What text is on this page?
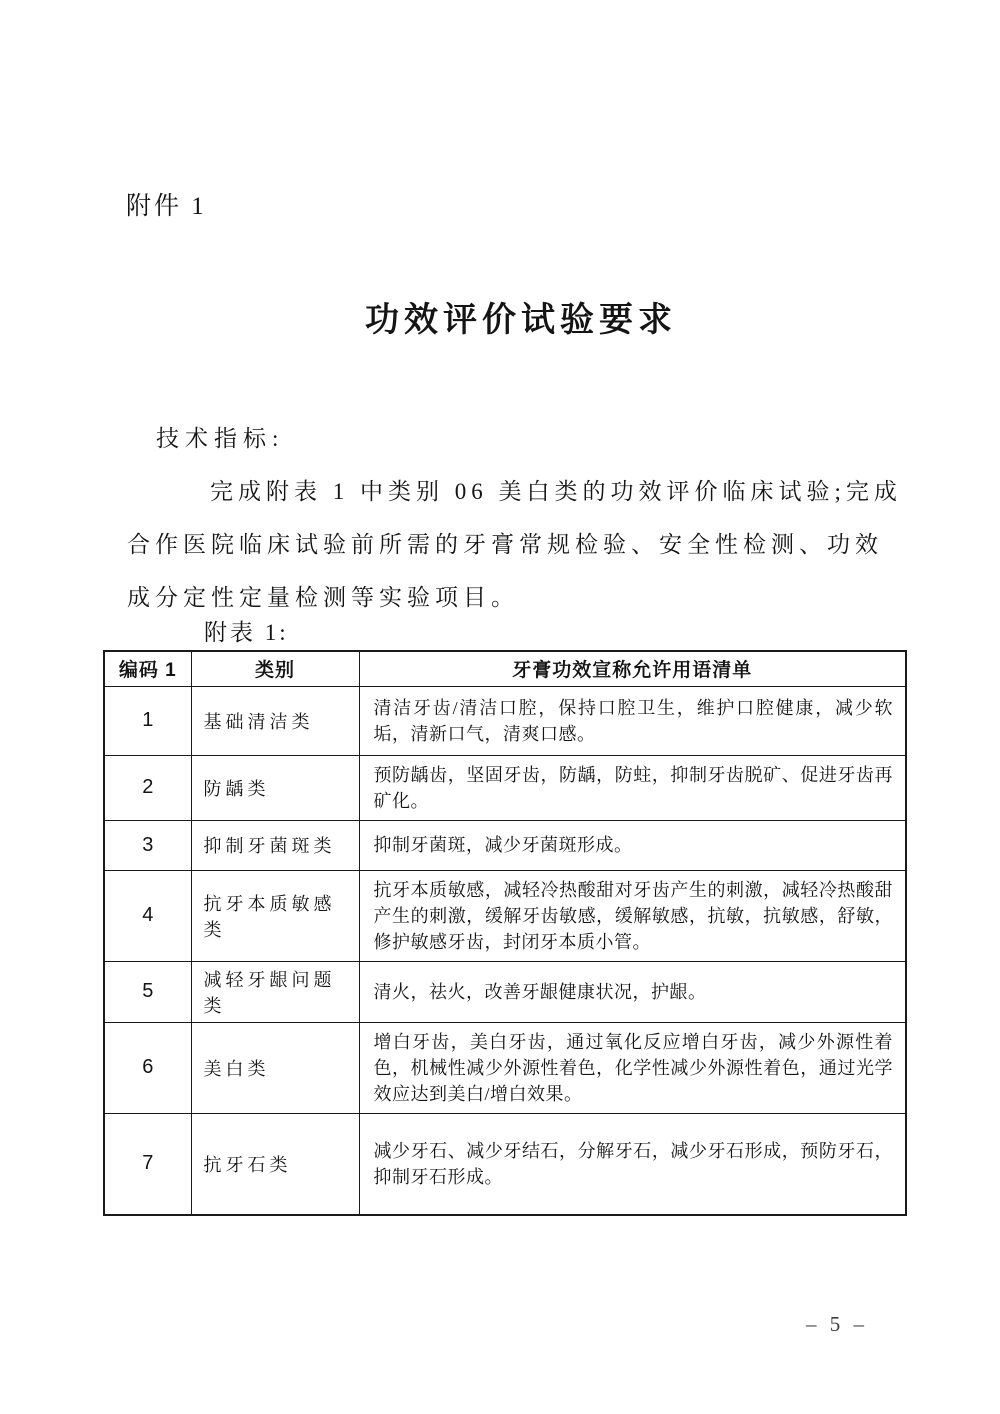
附件 1
功效评价试验要求
技术指标:
完成附表 1 中类别 06 美白类的功效评价临床试验;完成
合作医院临床试验前所需的牙膏常规检验、安全性检测、功效
成分定性定量检测等实验项目。
附表 1:
编码 1	类别	牙膏功效宣称允许用语清单
1	基础清洁类	清洁牙齿/清洁口腔，保持口腔卫生，维护口腔健康，减少软垢，清新口气，清爽口感。
2	防龋类	预防龋齿，坚固牙齿，防龋，防蛀，抑制牙齿脱矿、促进牙齿再矿化。
3	抑制牙菌斑类	抑制牙菌斑，减少牙菌斑形成。
4	抗牙本质敏感类	抗牙本质敏感，减轻冷热酸甜对牙齿产生的刺激，减轻冷热酸甜产生的刺激，缓解牙齿敏感，缓解敏感，抗敏，抗敏感，舒敏，修护敏感牙齿，封闭牙本质小管。
5	减轻牙龈问题类	清火，祛火，改善牙龈健康状况，护龈。
6	美白类	增白牙齿，美白牙齿，通过氧化反应增白牙齿，减少外源性着色，机械性减少外源性着色，化学性减少外源性着色，通过光学效应达到美白/增白效果。
7	抗牙石类	减少牙石、减少牙结石，分解牙石，减少牙石形成，预防牙石，抑制牙石形成。
– 5 –
